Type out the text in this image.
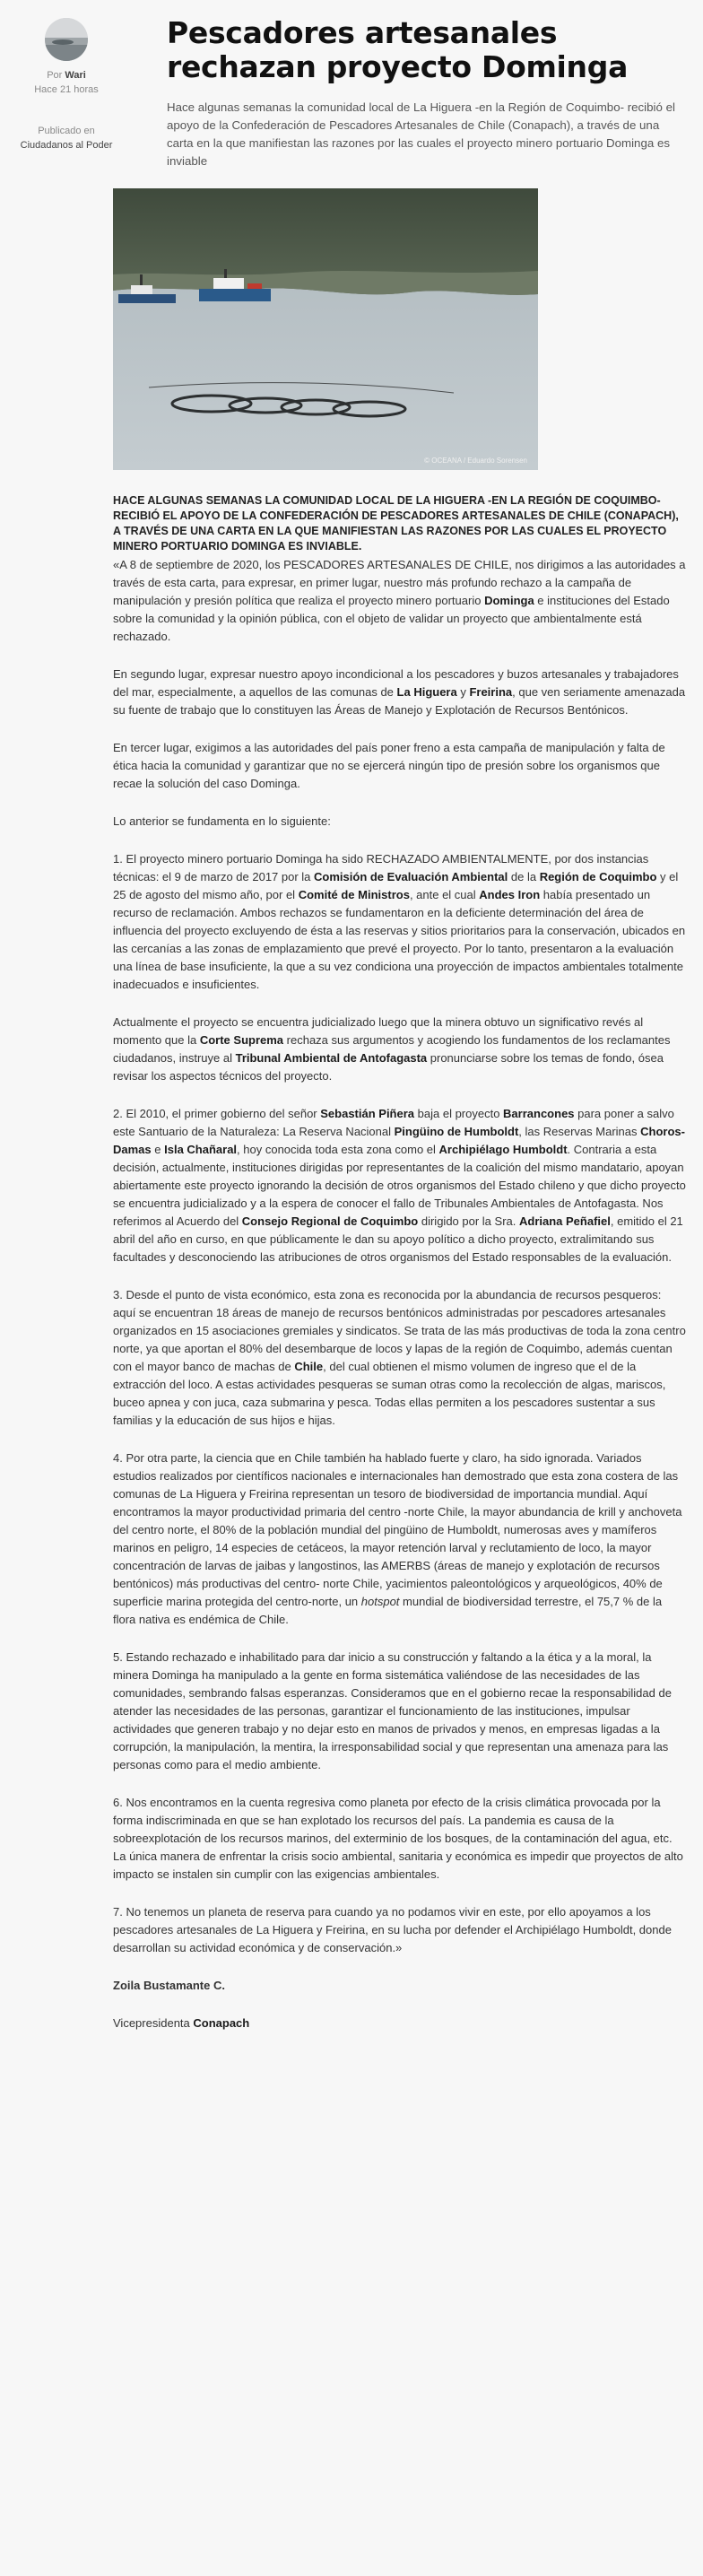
Por Wari
Hace 21 horas
Publicado en
Ciudadanos al Poder
Pescadores artesanales rechazan proyecto Dominga
Hace algunas semanas la comunidad local de La Higuera -en la Región de Coquimbo- recibió el apoyo de la Confederación de Pescadores Artesanales de Chile (Conapach), a través de una carta en la que manifiestan las razones por las cuales el proyecto minero portuario Dominga es inviable
© OCEANA / Eduardo Sorensen

HACE ALGUNAS SEMANAS LA COMUNIDAD LOCAL DE LA HIGUERA -EN LA REGIÓN DE COQUIMBO- RECIBIÓ EL APOYO DE LA CONFEDERACIÓN DE PESCADORES ARTESANALES DE CHILE (CONAPACH), A TRAVÉS DE UNA CARTA EN LA QUE MANIFIESTAN LAS RAZONES POR LAS CUALES EL PROYECTO MINERO PORTUARIO DOMINGA ES INVIABLE.

«A 8 de septiembre de 2020, los PESCADORES ARTESANALES DE CHILE, nos dirigimos a las autoridades a través de esta carta, para expresar, en primer lugar, nuestro más profundo rechazo a la campaña de manipulación y presión política que realiza el proyecto minero portuario Dominga e instituciones del Estado sobre la comunidad y la opinión pública, con el objeto de validar un proyecto que ambientalmente está rechazado.

En segundo lugar, expresar nuestro apoyo incondicional a los pescadores y buzos artesanales y trabajadores del mar, especialmente, a aquellos de las comunas de La Higuera y Freirina, que ven seriamente amenazada su fuente de trabajo que lo constituyen las Áreas de Manejo y Explotación de Recursos Bentónicos.

En tercer lugar, exigimos a las autoridades del país poner freno a esta campaña de manipulación y falta de ética hacia la comunidad y garantizar que no se ejercerá ningún tipo de presión sobre los organismos que recae la solución del caso Dominga.

Lo anterior se fundamenta en lo siguiente:

1. El proyecto minero portuario Dominga ha sido RECHAZADO AMBIENTALMENTE, por dos instancias técnicas: el 9 de marzo de 2017 por la Comisión de Evaluación Ambiental de la Región de Coquimbo y el 25 de agosto del mismo año, por el Comité de Ministros, ante el cual Andes Iron había presentado un recurso de reclamación. Ambos rechazos se fundamentaron en la deficiente determinación del área de influencia del proyecto excluyendo de ésta a las reservas y sitios prioritarios para la conservación, ubicados en las cercanías a las zonas de emplazamiento que prevé el proyecto. Por lo tanto, presentaron a la evaluación una línea de base insuficiente, la que a su vez condiciona una proyección de impactos ambientales totalmente inadecuados e insuficientes.

Actualmente el proyecto se encuentra judicializado luego que la minera obtuvo un significativo revés al momento que la Corte Suprema rechaza sus argumentos y acogiendo los fundamentos de los reclamantes ciudadanos, instruye al Tribunal Ambiental de Antofagasta pronunciarse sobre los temas de fondo, ósea revisar los aspectos técnicos del proyecto.

2. El 2010, el primer gobierno del señor Sebastián Piñera baja el proyecto Barrancones para poner a salvo este Santuario de la Naturaleza: La Reserva Nacional Pingüino de Humboldt, las Reservas Marinas Choros-Damas e Isla Chañaral, hoy conocida toda esta zona como el Archipiélago Humboldt. Contraria a esta decisión, actualmente, instituciones dirigidas por representantes de la coalición del mismo mandatario, apoyan abiertamente este proyecto ignorando la decisión de otros organismos del Estado chileno y que dicho proyecto se encuentra judicializado y a la espera de conocer el fallo de Tribunales Ambientales de Antofagasta. Nos referimos al Acuerdo del Consejo Regional de Coquimbo dirigido por la Sra. Adriana Peñafiel, emitido el 21 abril del año en curso, en que públicamente le dan su apoyo político a dicho proyecto, extralimitando sus facultades y desconociendo las atribuciones de otros organismos del Estado responsables de la evaluación.

3. Desde el punto de vista económico, esta zona es reconocida por la abundancia de recursos pesqueros: aquí se encuentran 18 áreas de manejo de recursos bentónicos administradas por pescadores artesanales organizados en 15 asociaciones gremiales y sindicatos. Se trata de las más productivas de toda la zona centro norte, ya que aportan el 80% del desembarque de locos y lapas de la región de Coquimbo, además cuentan con el mayor banco de machas de Chile, del cual obtienen el mismo volumen de ingreso que el de la extracción del loco. A estas actividades pesqueras se suman otras como la recolección de algas, mariscos, buceo apnea y con juca, caza submarina y pesca. Todas ellas permiten a los pescadores sustentar a sus familias y la educación de sus hijos e hijas.

4. Por otra parte, la ciencia que en Chile también ha hablado fuerte y claro, ha sido ignorada. Variados estudios realizados por científicos nacionales e internacionales han demostrado que esta zona costera de las comunas de La Higuera y Freirina representan un tesoro de biodiversidad de importancia mundial. Aquí encontramos la mayor productividad primaria del centro -norte Chile, la mayor abundancia de krill y anchoveta del centro norte, el 80% de la población mundial del pingüino de Humboldt, numerosas aves y mamíferos marinos en peligro, 14 especies de cetáceos, la mayor retención larval y reclutamiento de loco, la mayor concentración de larvas de jaibas y langostinos, las AMERBS (áreas de manejo y explotación de recursos bentónicos) más productivas del centro- norte Chile, yacimientos paleontológicos y arqueológicos, 40% de superficie marina protegida del centro-norte, un hotspot mundial de biodiversidad terrestre, el 75,7 % de la flora nativa es endémica de Chile.

5. Estando rechazado e inhabilitado para dar inicio a su construcción y faltando a la ética y a la moral, la minera Dominga ha manipulado a la gente en forma sistemática valiéndose de las necesidades de las comunidades, sembrando falsas esperanzas. Consideramos que en el gobierno recae la responsabilidad de atender las necesidades de las personas, garantizar el funcionamiento de las instituciones, impulsar actividades que generen trabajo y no dejar esto en manos de privados y menos, en empresas ligadas a la corrupción, la manipulación, la mentira, la irresponsabilidad social y que representan una amenaza para las personas como para el medio ambiente.

6. Nos encontramos en la cuenta regresiva como planeta por efecto de la crisis climática provocada por la forma indiscriminada en que se han explotado los recursos del país. La pandemia es causa de la sobreexplotación de los recursos marinos, del exterminio de los bosques, de la contaminación del agua, etc. La única manera de enfrentar la crisis socio ambiental, sanitaria y económica es impedir que proyectos de alto impacto se instalen sin cumplir con las exigencias ambientales.

7. No tenemos un planeta de reserva para cuando ya no podamos vivir en este, por ello apoyamos a los pescadores artesanales de La Higuera y Freirina, en su lucha por defender el Archipiélago Humboldt, donde desarrollan su actividad económica y de conservación.»

Zoila Bustamante C.

Vicepresidenta Conapach
